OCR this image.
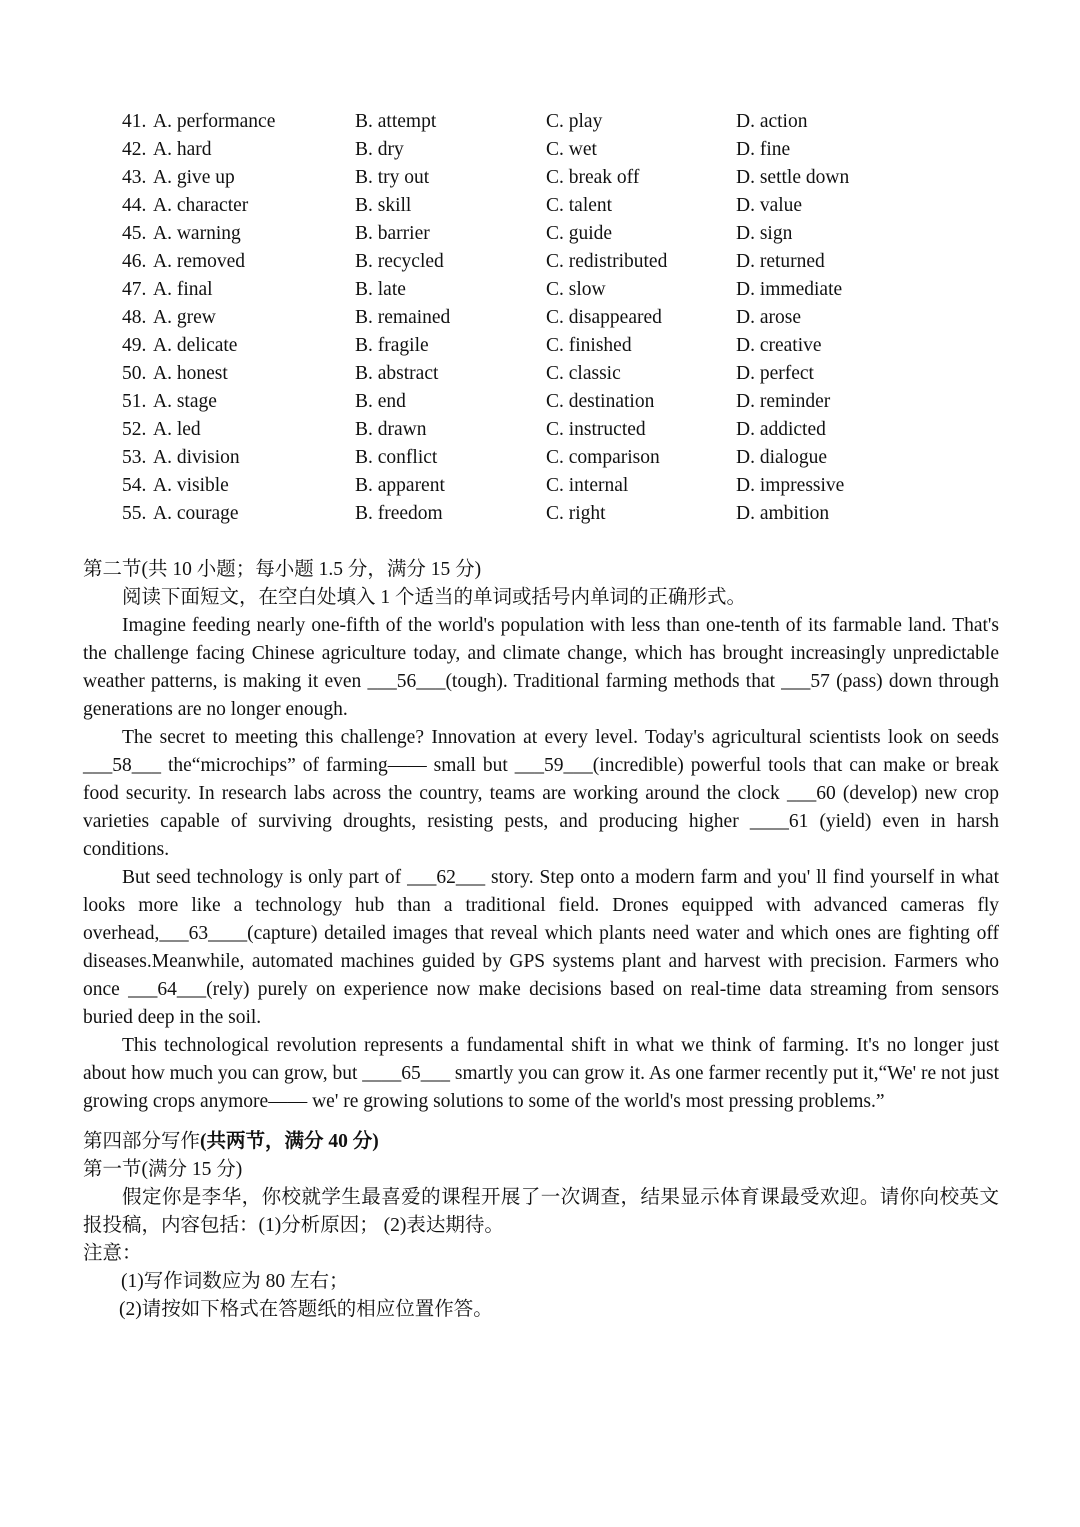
41. A. performance	B. attempt	C. play	D. action
42. A. hard	B. dry	C. wet	D. fine
43. A. give up	B. try out	C. break off	D. settle down
44. A. character	B. skill	C. talent	D. value
45. A. warning	B. barrier	C. guide	D. sign
46. A. removed	B. recycled	C. redistributed	D. returned
47. A. final	B. late	C. slow	D. immediate
48. A. grew	B. remained	C. disappeared	D. arose
49. A. delicate	B. fragile	C. finished	D. creative
50. A. honest	B. abstract	C. classic	D. perfect
51. A. stage	B. end	C. destination	D. reminder
52. A. led	B. drawn	C. instructed	D. addicted
53. A. division	B. conflict	C. comparison	D. dialogue
54. A. visible	B. apparent	C. internal	D. impressive
55. A. courage	B. freedom	C. right	D. ambition
第二节(共 10 小题；每小题 1.5 分，满分 15 分)
阅读下面短文，在空白处填入 1 个适当的单词或括号内单词的正确形式。

Imagine feeding nearly one-fifth of the world's population with less than one-tenth of its farmable land. That's the challenge facing Chinese agriculture today, and climate change, which has brought increasingly unpredictable weather patterns, is making it even ___56___(tough). Traditional farming methods that ___57 (pass) down through generations are no longer enough.

The secret to meeting this challenge? Innovation at every level. Today's agricultural scientists look on seeds ___58___ the“microchips” of farming—— small but ___59___(incredible) powerful tools that can make or break food security. In research labs across the country, teams are working around the clock ___60 (develop) new crop varieties capable of surviving droughts, resisting pests, and producing higher ____61 (yield) even in harsh conditions.

But seed technology is only part of ___62___ story. Step onto a modern farm and you' ll find yourself in what looks more like a technology hub than a traditional field. Drones equipped with advanced cameras fly overhead,___63____(capture) detailed images that reveal which plants need water and which ones are fighting off diseases.Meanwhile, automated machines guided by GPS systems plant and harvest with precision. Farmers who once ___64___(rely) purely on experience now make decisions based on real-time data streaming from sensors buried deep in the soil.

This technological revolution represents a fundamental shift in what we think of farming. It's no longer just about how much you can grow, but ____65___ smartly you can grow it. As one farmer recently put it,“We' re not just growing crops anymore—— we' re growing solutions to some of the world's most pressing problems.”

第四部分写作(共两节，满分 40 分)
第一节(满分 15 分)

假定你是李华，你校就学生最喜爱的课程开展了一次调查，结果显示体育课最受欢迎。请你向校英文报投稿，内容包括：(1)分析原因； (2)表达期待。

注意：
(1)写作词数应为 80 左右；
(2)请按如下格式在答题纸的相应位置作答。
